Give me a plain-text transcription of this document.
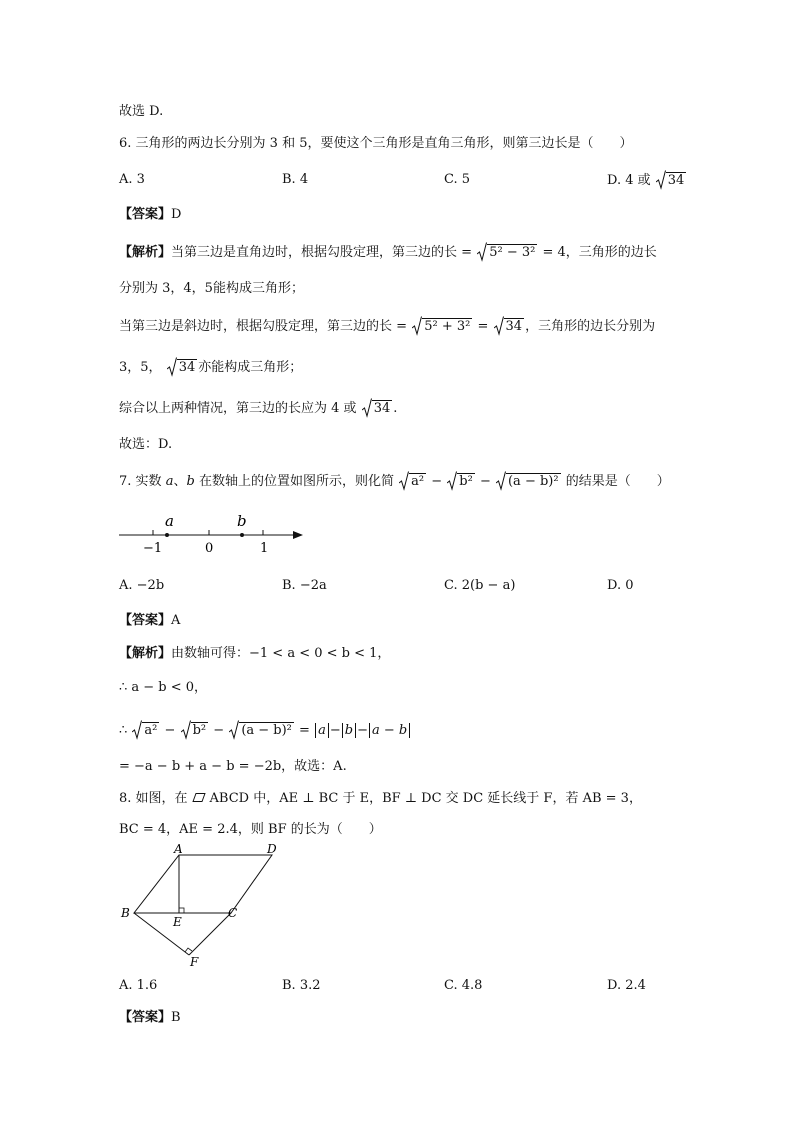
故选 D.
6. 三角形的两边长分别为 3 和 5，要使这个三角形是直角三角形，则第三边长是（　　）
A. 3	B. 4	C. 5	D. 4 或 34
【答案】D
【解析】当第三边是直角边时，根据勾股定理，第三边的长 = 5² − 3² = 4，三角形的边长
分别为 3，4，5能构成三角形；
当第三边是斜边时，根据勾股定理，第三边的长 = 5² + 3² = 34 ，三角形的边长分别为
3，5， 34 亦能构成三角形；
综合以上两种情况，第三边的长应为 4 或 34 .
故选：D.
7. 实数 a、b 在数轴上的位置如图所示，则化简 a² − b² − (a − b)² 的结果是（　　）
a	b
−1	0	1
A. −2b	B. −2a	C. 2(b − a)	D. 0
【答案】A
【解析】由数轴可得：−1 < a < 0 < b < 1，
∴ a − b < 0，
∴ a² − b² − (a − b)² = a − b − a − b
= −a − b + a − b = −2b，故选：A.
8. 如图，在 ABCD 中，AE ⊥ BC 于 E，BF ⊥ DC 交 DC 延长线于 F，若 AB = 3，
BC = 4，AE = 2.4，则 BF 的长为（　　）
A	D
B	C
E
F
A. 1.6	B. 3.2	C. 4.8	D. 2.4
【答案】B
